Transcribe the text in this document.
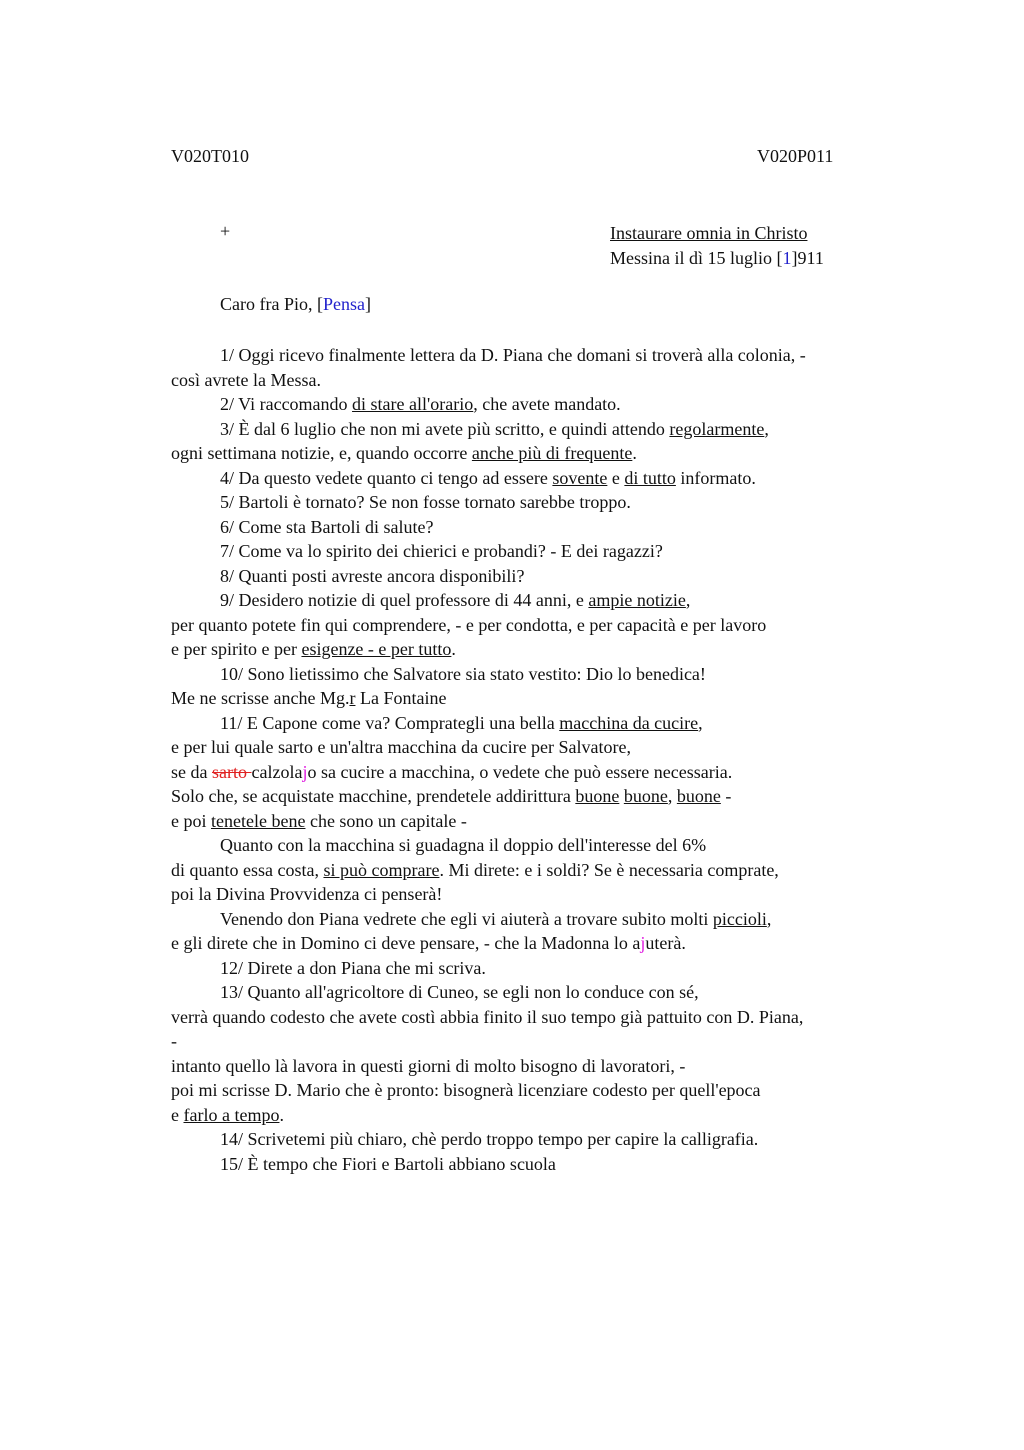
V020T010	V020P011
+	Instaurare omnia in Christo
Messina il dì 15 luglio [1]911
Caro fra Pio, [Pensa]
1/ Oggi ricevo finalmente lettera da D. Piana che domani si troverà alla colonia, -
così avrete la Messa.
2/ Vi raccomando di stare all'orario, che avete mandato.
3/ È dal 6 luglio che non mi avete più scritto, e quindi attendo regolarmente,
ogni settimana notizie, e, quando occorre anche più di frequente.
4/ Da questo vedete quanto ci tengo ad essere sovente e di tutto informato.
5/ Bartoli è tornato? Se non fosse tornato sarebbe troppo.
6/ Come sta Bartoli di salute?
7/ Come va lo spirito dei chierici e probandi? - E dei ragazzi?
8/ Quanti posti avreste ancora disponibili?
9/ Desidero notizie di quel professore di 44 anni, e ampie notizie,
per quanto potete fin qui comprendere, - e per condotta, e per capacità e per lavoro
e per spirito e per esigenze - e per tutto.
10/ Sono lietissimo che Salvatore sia stato vestito: Dio lo benedica!
Me ne scrisse anche Mg.r La Fontaine
11/ E Capone come va? Comprategli una bella macchina da cucire,
e per lui quale sarto e un'altra macchina da cucire per Salvatore,
se da sarto calzolajo sa cucire a macchina, o vedete che può essere necessaria.
Solo che, se acquistate macchine, prendetele addirittura buone buone, buone -
e poi tenetele bene che sono un capitale -
Quanto con la macchina si guadagna il doppio dell'interesse del 6%
di quanto essa costa, si può comprare. Mi direte: e i soldi? Se è necessaria comprate,
poi la Divina Provvidenza ci penserà!
Venendo don Piana vedrete che egli vi aiuterà a trovare subito molti piccioli,
e gli direte che in Domino ci deve pensare, - che la Madonna lo ajuterà.
12/ Direte a don Piana che mi scriva.
13/ Quanto all'agricoltore di Cuneo, se egli non lo conduce con sé,
verrà quando codesto che avete costì abbia finito il suo tempo già pattuito con D. Piana,
-
intanto quello là lavora in questi giorni di molto bisogno di lavoratori, -
poi mi scrisse D. Mario che è pronto: bisognerà licenziare codesto per quell'epoca
e farlo a tempo.
14/ Scrivetemi più chiaro, chè perdo troppo tempo per capire la calligrafia.
15/ È tempo che Fiori e Bartoli abbiano scuola
